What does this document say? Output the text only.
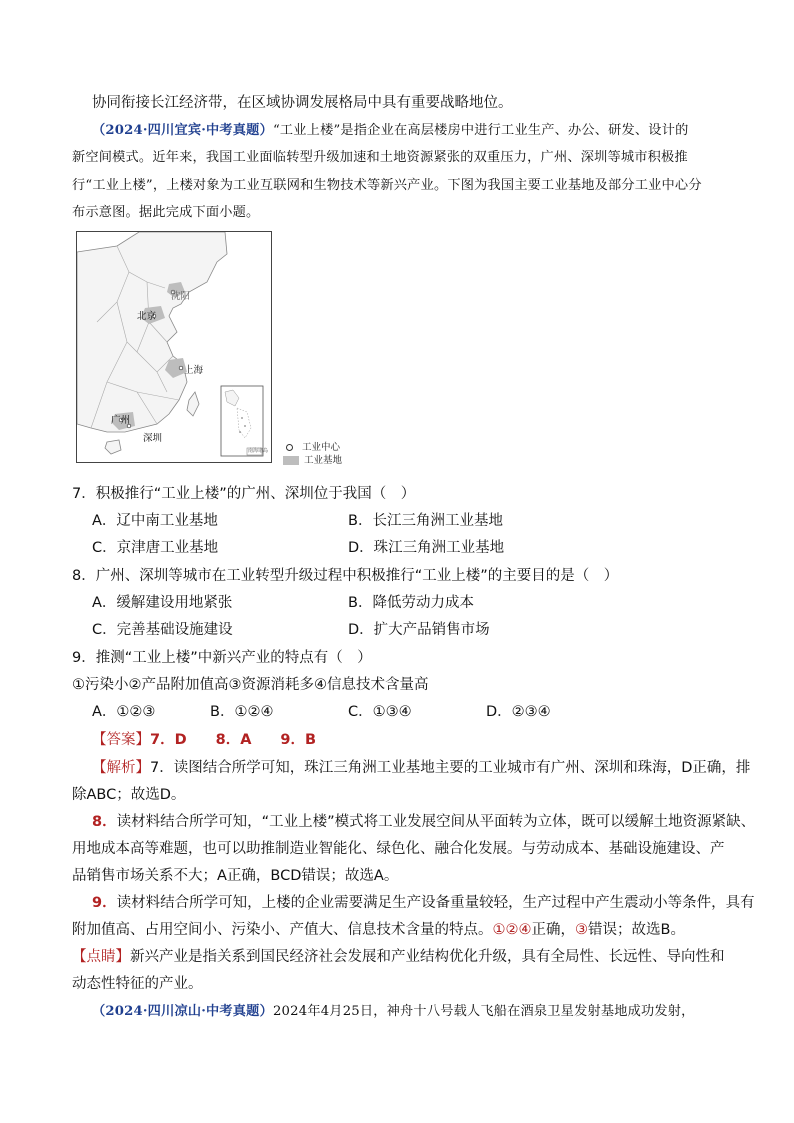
协同衔接长江经济带，在区域协调发展格局中具有重要战略地位。
（2024·四川宜宾·中考真题）“工业上楼”是指企业在高层楼房中进行工业生产、办公、研发、设计的
新空间模式。近年来，我国工业面临转型升级加速和土地资源紧张的双重压力，广州、深圳等城市积极推
行“工业上楼”，上楼对象为工业互联网和生物技术等新兴产业。下图为我国主要工业基地及部分工业中心分
布示意图。据此完成下面小题。
沈阳
北京
上海
广州
深圳
南海诸岛	工业中心
工业基地
7．积极推行“工业上楼”的广州、深圳位于我国（　）
A．辽中南工业基地	B．长江三角洲工业基地
C．京津唐工业基地	D．珠江三角洲工业基地
8．广州、深圳等城市在工业转型升级过程中积极推行“工业上楼”的主要目的是（　）
A．缓解建设用地紧张	B．降低劳动力成本
C．完善基础设施建设	D．扩大产品销售市场
9．推测“工业上楼”中新兴产业的特点有（　）
①污染小②产品附加值高③资源消耗多④信息技术含量高
A．①②③	B．①②④	C．①③④	D．②③④
【答案】7．D　　8．A　　9．B
【解析】7．读图结合所学可知，珠江三角洲工业基地主要的工业城市有广州、深圳和珠海，D正确，排
除ABC；故选D。
8．读材料结合所学可知，“工业上楼”模式将工业发展空间从平面转为立体，既可以缓解土地资源紧缺、
用地成本高等难题，也可以助推制造业智能化、绿色化、融合化发展。与劳动成本、基础设施建设、产
品销售市场关系不大；A正确，BCD错误；故选A。
9．读材料结合所学可知，上楼的企业需要满足生产设备重量较轻，生产过程中产生震动小等条件，具有
附加值高、占用空间小、污染小、产值大、信息技术含量的特点。①②④正确，③错误；故选B。
【点睛】新兴产业是指关系到国民经济社会发展和产业结构优化升级，具有全局性、长远性、导向性和
动态性特征的产业。
（2024·四川凉山·中考真题）2024年4月25日，神舟十八号载人飞船在酒泉卫星发射基地成功发射，
